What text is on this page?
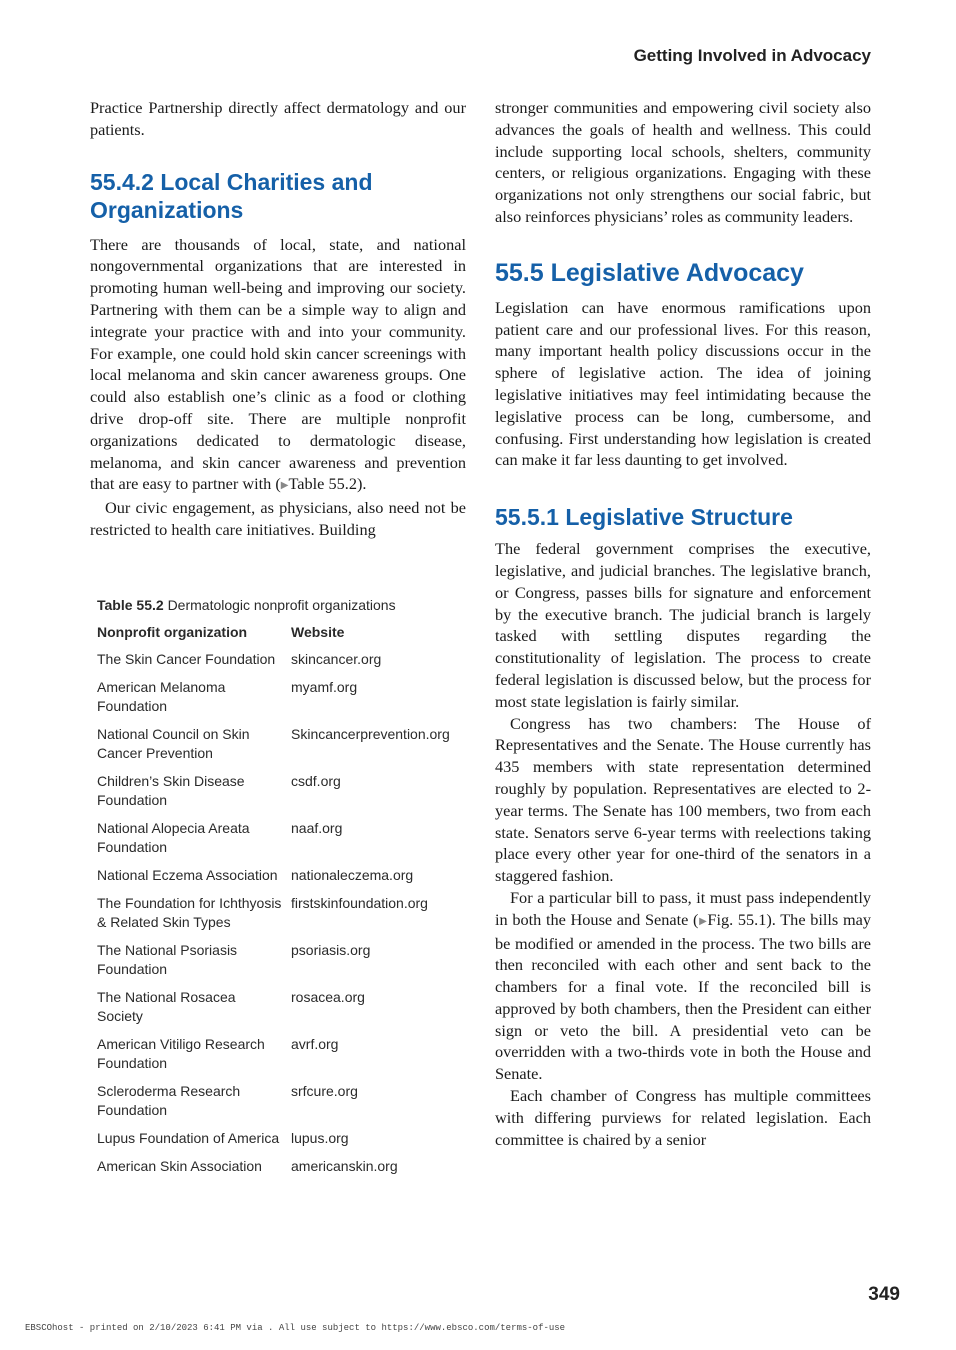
Getting Involved in Advocacy

Practice Partnership directly affect dermatology and our patients.

55.4.2 Local Charities and Organizations

There are thousands of local, state, and national nongovernmental organizations that are interested in promoting human well-being and improving our society. Partnering with them can be a simple way to align and integrate your practice with and into your community. For example, one could hold skin cancer screenings with local melanoma and skin cancer awareness groups. One could also establish one’s clinic as a food or clothing drive drop-off site. There are multiple nonprofit organizations dedicated to dermatologic disease, melanoma, and skin cancer awareness and prevention that are easy to partner with (▶Table 55.2).

Our civic engagement, as physicians, also need not be restricted to health care initiatives. Building

Table 55.2 Dermatologic nonprofit organizations
Nonprofit organization	Website
The Skin Cancer Foundation	skincancer.org
American Melanoma Foundation	myamf.org
National Council on Skin Cancer Prevention	Skincancerprevention.org
Children’s Skin Disease Foundation	csdf.org
National Alopecia Areata Foundation	naaf.org
National Eczema Association	nationaleczema.org
The Foundation for Ichthyosis & Related Skin Types	firstskinfoundation.org
The National Psoriasis Foundation	psoriasis.org
The National Rosacea Society	rosacea.org
American Vitiligo Research Foundation	avrf.org
Scleroderma Research Foundation	srfcure.org
Lupus Foundation of America	lupus.org
American Skin Association	americanskin.org

stronger communities and empowering civil society also advances the goals of health and wellness. This could include supporting local schools, shelters, community centers, or religious organizations. Engaging with these organizations not only strengthens our social fabric, but also reinforces physicians’ roles as community leaders.

55.5 Legislative Advocacy

Legislation can have enormous ramifications upon patient care and our professional lives. For this reason, many important health policy discussions occur in the sphere of legislative action. The idea of joining legislative initiatives may feel intimidating because the legislative process can be long, cumbersome, and confusing. First understanding how legislation is created can make it far less daunting to get involved.

55.5.1 Legislative Structure

The federal government comprises the executive, legislative, and judicial branches. The legislative branch, or Congress, passes bills for signature and enforcement by the executive branch. The judicial branch is largely tasked with settling disputes regarding the constitutionality of legislation. The process to create federal legislation is discussed below, but the process for most state legislation is fairly similar.

Congress has two chambers: The House of Representatives and the Senate. The House currently has 435 members with state representation determined roughly by population. Representatives are elected to 2-year terms. The Senate has 100 members, two from each state. Senators serve 6-year terms with reelections taking place every other year for one-third of the senators in a staggered fashion.

For a particular bill to pass, it must pass independently in both the House and Senate (▶Fig. 55.1). The bills may be modified or amended in the process. The two bills are then reconciled with each other and sent back to the chambers for a final vote. If the reconciled bill is approved by both chambers, then the President can either sign or veto the bill. A presidential veto can be overridden with a two-thirds vote in both the House and Senate.

Each chamber of Congress has multiple committees with differing purviews for related legislation. Each committee is chaired by a senior

349
EBSCOhost - printed on 2/10/2023 6:41 PM via . All use subject to https://www.ebsco.com/terms-of-use
